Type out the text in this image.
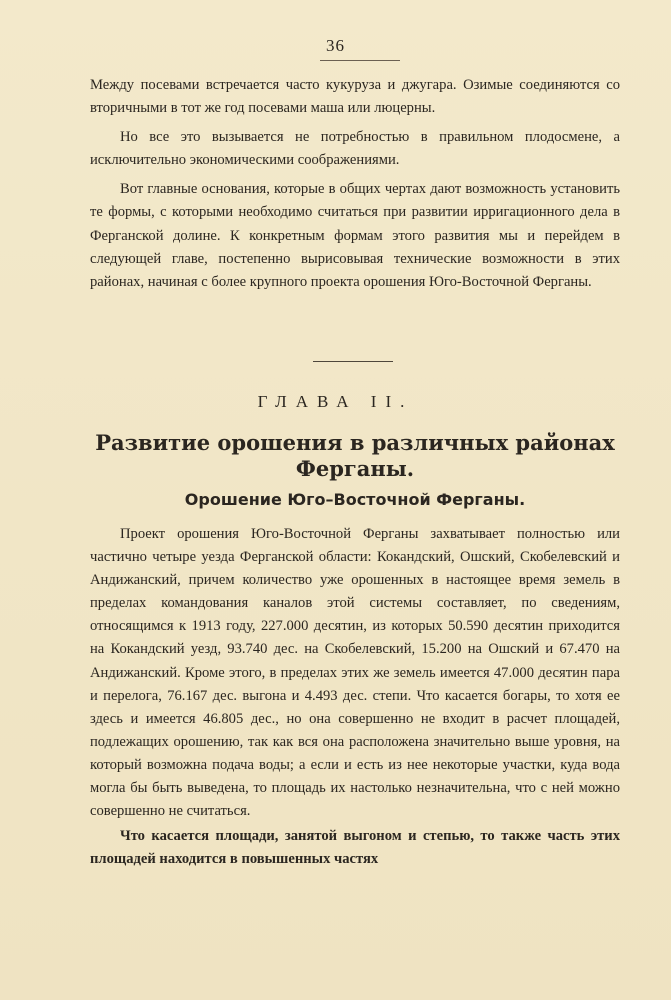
36

Между посевами встречается часто кукуруза и джугара. Озимые соединяются со вторичными в тот же год посевами маша или люцерны.

Но все это вызывается не потребностью в правильном плодосмене, а исключительно экономическими соображениями.

Вот главные основания, которые в общих чертах дают возможность установить те формы, с которыми необходимо считаться при развитии ирригационного дела в Ферганской долине. К конкретным формам этого развития мы и перейдем в следующей главе, постепенно вырисовывая технические возможности в этих районах, начиная с более крупного проекта орошения Юго-Восточной Ферганы.

ГЛАВА II.
Развитие орошения в различных районах Ферганы.
Орошение Юго–Восточной Ферганы.

Проект орошения Юго-Восточной Ферганы захватывает полностью или частично четыре уезда Ферганской области: Кокандский, Ошский, Скобелевский и Андижанский, причем количество уже орошенных в настоящее время земель в пределах командования каналов этой системы составляет, по сведениям, относящимся к 1913 году, 227.000 десятин, из которых 50.590 десятин приходится на Кокандский уезд, 93.740 дес. на Скобелевский, 15.200 на Ошский и 67.470 на Андижанский. Кроме этого, в пределах этих же земель имеется 47.000 десятин пара и перелога, 76.167 дес. выгона и 4.493 дес. степи. Что касается богары, то хотя ее здесь и имеется 46.805 дес., но она совершенно не входит в расчет площадей, подлежащих орошению, так как вся она расположена значительно выше уровня, на который возможна подача воды; а если и есть из нее некоторые участки, куда вода могла бы быть выведена, то площадь их настолько незначительна, что с ней можно совершенно не считаться.

Что касается площади, занятой выгоном и степью, то также часть этих площадей находится в повышенных частях
